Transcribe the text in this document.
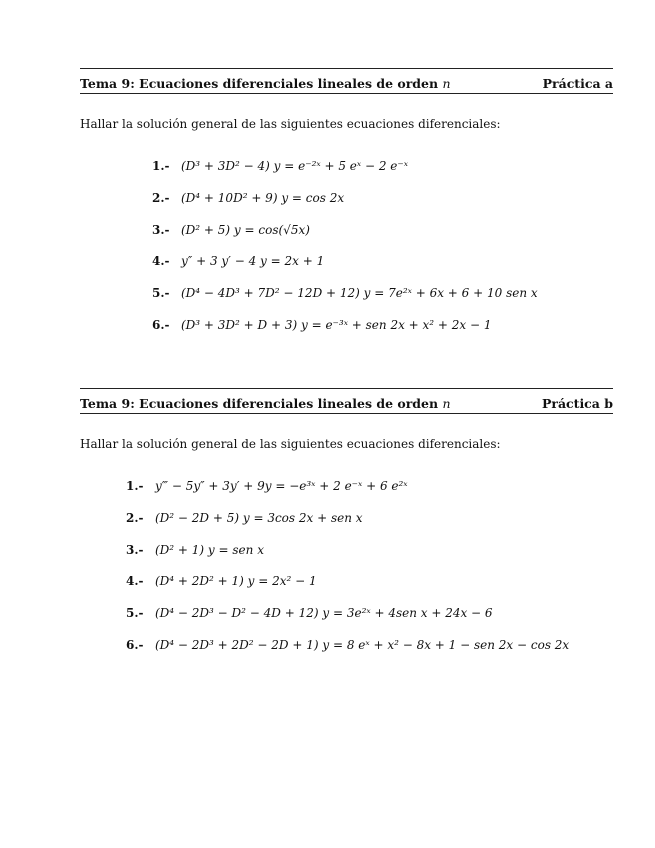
Tema 9: Ecuaciones diferenciales lineales de orden n	Práctica a
Hallar la solución general de las siguientes ecuaciones diferenciales:
1.- (D³ + 3D² − 4) y = e⁻²ˣ + 5 eˣ − 2 e⁻ˣ
2.- (D⁴ + 10D² + 9) y = cos 2x
3.- (D² + 5) y = cos(√5x)
4.- y″ + 3 y′ − 4 y = 2x + 1
5.- (D⁴ − 4D³ + 7D² − 12D + 12) y = 7e²ˣ + 6x + 6 + 10 sen x
6.- (D³ + 3D² + D + 3) y = e⁻³ˣ + sen 2x + x² + 2x − 1
Tema 9: Ecuaciones diferenciales lineales de orden n	Práctica b
Hallar la solución general de las siguientes ecuaciones diferenciales:
1.- y‴ − 5y″ + 3y′ + 9y = −e³ˣ + 2 e⁻ˣ + 6 e²ˣ
2.- (D² − 2D + 5) y = 3cos 2x + sen x
3.- (D² + 1) y = sen x
4.- (D⁴ + 2D² + 1) y = 2x² − 1
5.- (D⁴ − 2D³ − D² − 4D + 12) y = 3e²ˣ + 4sen x + 24x − 6
6.- (D⁴ − 2D³ + 2D² − 2D + 1) y = 8 eˣ + x² − 8x + 1 − sen 2x − cos 2x
